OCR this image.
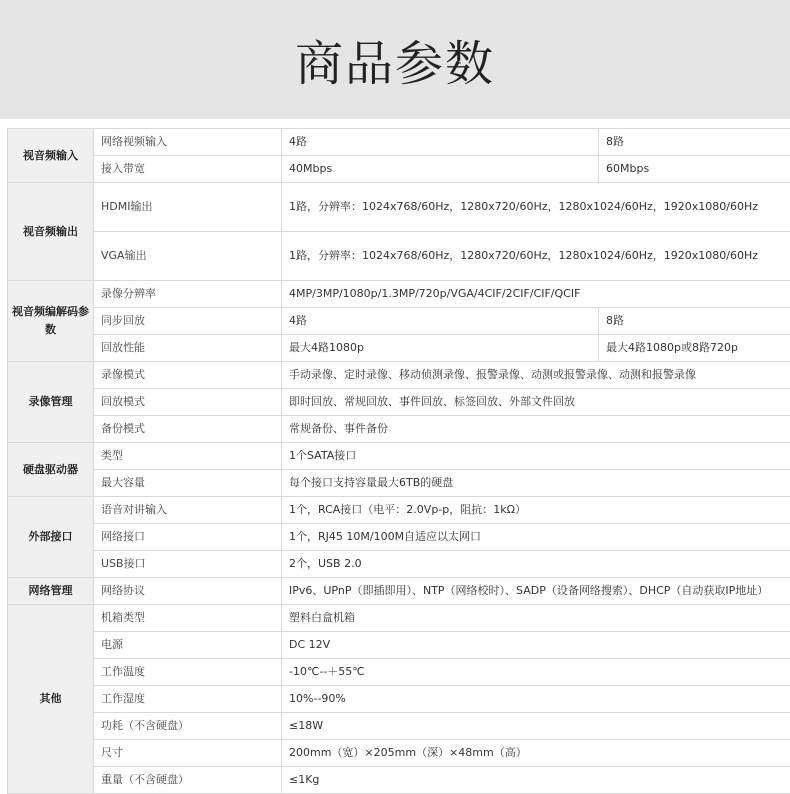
商品参数
视音频输入	网络视频输入	4路	8路
	接入带宽	40Mbps	60Mbps
视音频输出	HDMI输出	1路，分辨率：1024x768/60Hz，1280x720/60Hz，1280x1024/60Hz，1920x1080/60Hz	
	VGA输出	1路，分辨率：1024x768/60Hz，1280x720/60Hz，1280x1024/60Hz，1920x1080/60Hz	
视音频编解码参数	录像分辨率	4MP/3MP/1080p/1.3MP/720p/VGA/4CIF/2CIF/CIF/QCIF	
	同步回放	4路	8路
	回放性能	最大4路1080p	最大4路1080p或8路720p
录像管理	录像模式	手动录像、定时录像、移动侦测录像、报警录像、动测或报警录像、动测和报警录像	
	回放模式	即时回放、常规回放、事件回放、标签回放、外部文件回放	
	备份模式	常规备份、事件备份	
硬盘驱动器	类型	1个SATA接口	
	最大容量	每个接口支持容量最大6TB的硬盘	
外部接口	语音对讲输入	1个，RCA接口（电平：2.0Vp-p，阻抗：1kΩ）	
	网络接口	1个，RJ45 10M/100M自适应以太网口	
	USB接口	2个，USB 2.0	
网络管理	网络协议	IPv6、UPnP（即插即用）、NTP（网络校时）、SADP（设备网络搜索）、DHCP（自动获取IP地址）	
其他	机箱类型	塑料白盒机箱	
	电源	DC 12V	
	工作温度	-10℃--＋55℃	
	工作湿度	10%--90%	
	功耗（不含硬盘）	≤18W	
	尺寸	200mm（宽）×205mm（深）×48mm（高）	
	重量（不含硬盘）	≤1Kg	
